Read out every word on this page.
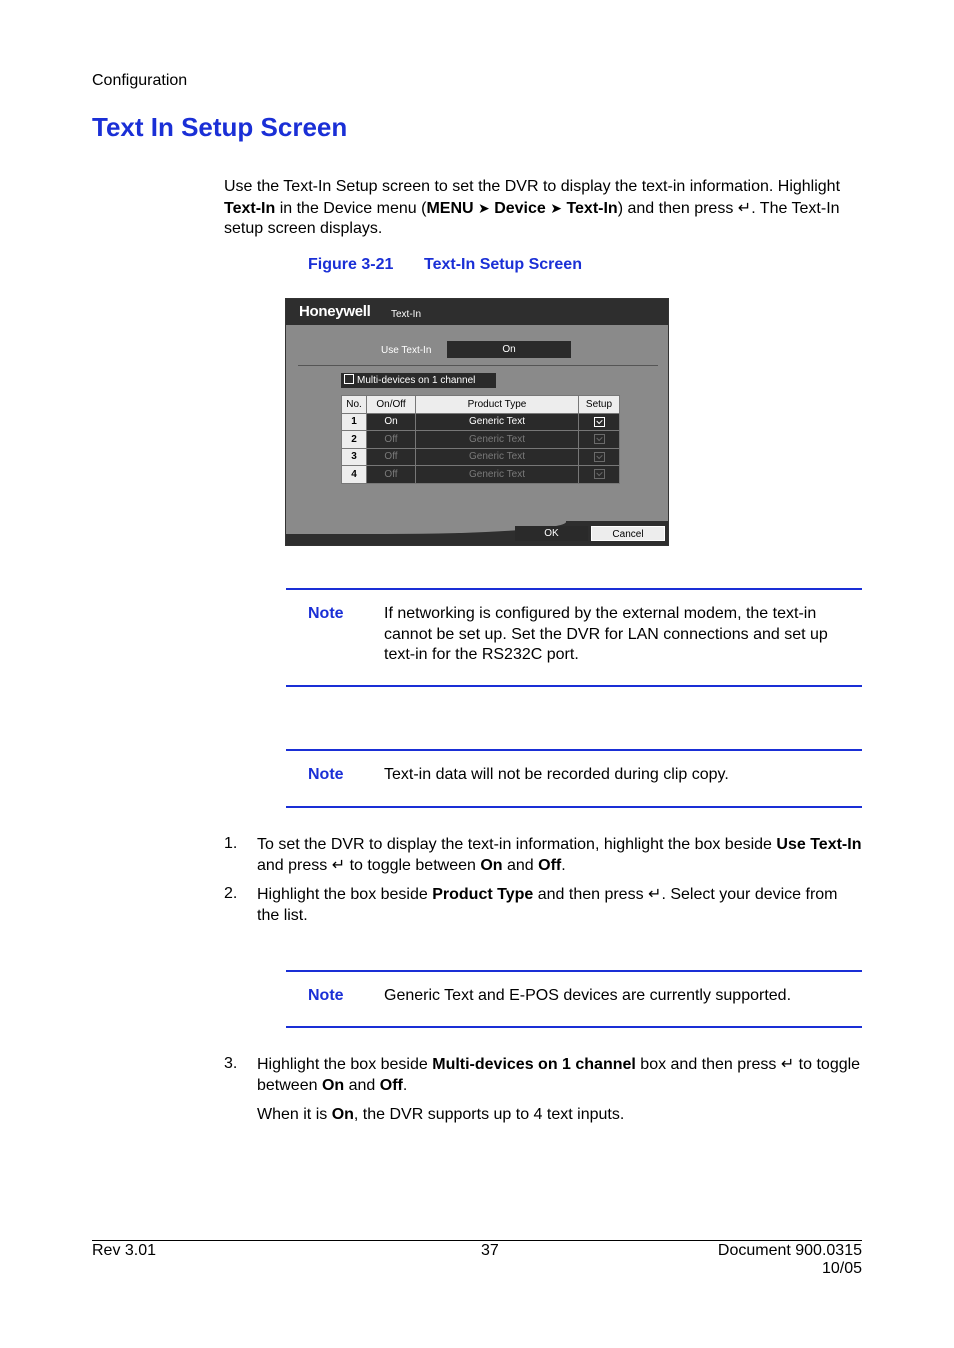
Configuration
Text In Setup Screen
Use the Text-In Setup screen to set the DVR to display the text-in information. Highlight Text-In in the Device menu (MENU ➤ Device ➤ Text-In) and then press ↵. The Text-In setup screen displays.
Figure 3-21 Text-In Setup Screen
Honeywell Text-In
Use Text-In	On
Multi-devices on 1 channel
No.	On/Off	Product Type	Setup
1	On	Generic Text	
2	Off	Generic Text	
3	Off	Generic Text	
4	Off	Generic Text	
OK	Cancel
Note	If networking is configured by the external modem, the text-in cannot be set up. Set the DVR for LAN connections and set up text-in for the RS232C port.
Note	Text-in data will not be recorded during clip copy.
1. To set the DVR to display the text-in information, highlight the box beside Use Text-In and press ↵ to toggle between On and Off.
2. Highlight the box beside Product Type and then press ↵. Select your device from the list.
Note	Generic Text and E-POS devices are currently supported.
3. Highlight the box beside Multi-devices on 1 channel box and then press ↵ to toggle between On and Off.
When it is On, the DVR supports up to 4 text inputs.
Rev 3.01	37	Document 900.0315
10/05
